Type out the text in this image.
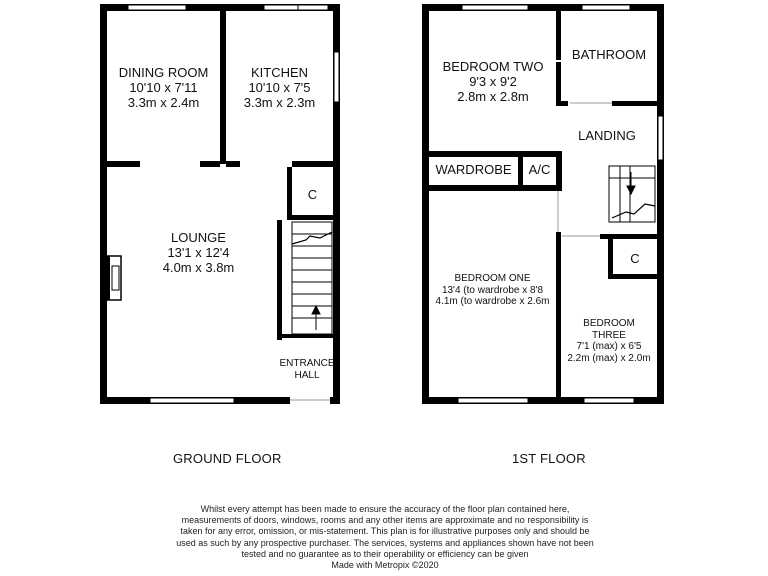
DINING ROOM
10'10 x 7'11
3.3m x 2.4m
KITCHEN
10'10 x 7'5
3.3m x 2.3m
C
LOUNGE
13'1 x 12'4
4.0m x 3.8m
ENTRANCE
HALL
BEDROOM TWO
9'3 x 9'2
2.8m x 2.8m
BATHROOM
LANDING
WARDROBE	A/C
BEDROOM ONE
13'4 (to wardrobe x 8'8
4.1m (to wardrobe x 2.6m
C
BEDROOM
THREE
7'1 (max) x 6'5
2.2m (max) x 2.0m
GROUND FLOOR	1ST FLOOR
Whilst every attempt has been made to ensure the accuracy of the floor plan contained here, measurements of doors, windows, rooms and any other items are approximate and no responsibility is taken for any error, omission, or mis-statement. This plan is for illustrative purposes only and should be used as such by any prospective purchaser. The services, systems and appliances shown have not been tested and no guarantee as to their operability or efficiency can be given
Made with Metropix ©2020
